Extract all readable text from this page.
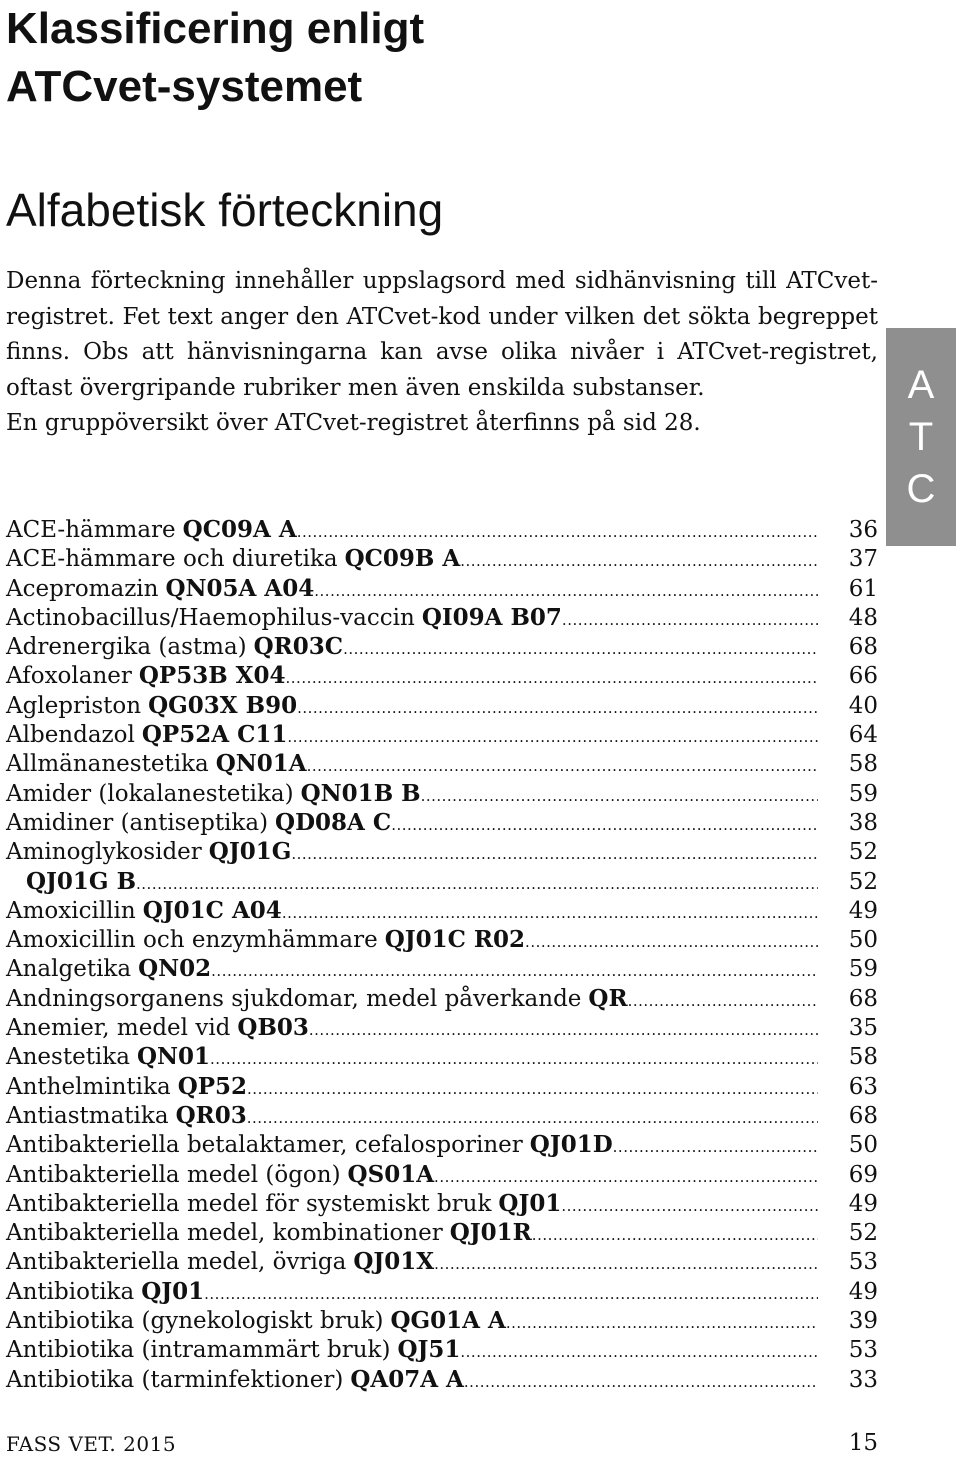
Klassificering enligt
ATCvet-systemet
Alfabetisk förteckning

Denna förteckning innehåller uppslagsord med sidhänvisning till ATCvet-registret. Fet text anger den ATCvet-kod under vilken det sökta begreppet finns. Obs att hänvisningarna kan avse olika nivåer i ATCvet-registret, oftast övergripande rubriker men även enskilda substanser.

En gruppöversikt över ATCvet-registret återfinns på sid 28.

A
T
C
ACE-hämmare QC09A A .....	36
ACE-hämmare och diuretika QC09B A .....	37
Acepromazin QN05A A04 .....	61
Actinobacillus/Haemophilus-vaccin QI09A B07 .....	48
Adrenergika (astma) QR03C .....	68
Afoxolaner QP53B X04 .....	66
Aglepriston QG03X B90 .....	40
Albendazol QP52A C11 .....	64
Allmänanestetika QN01A .....	58
Amider (lokalanestetika) QN01B B .....	59
Amidiner (antiseptika) QD08A C .....	38
Aminoglykosider QJ01G .....	52
QJ01G B .....	52
Amoxicillin QJ01C A04 .....	49
Amoxicillin och enzymhämmare QJ01C R02 .....	50
Analgetika QN02 .....	59
Andningsorganens sjukdomar, medel påverkande QR .....	68
Anemier, medel vid QB03 .....	35
Anestetika QN01 .....	58
Anthelmintika QP52 .....	63
Antiastmatika QR03 .....	68
Antibakteriella betalaktamer, cefalosporiner QJ01D .....	50
Antibakteriella medel (ögon) QS01A .....	69
Antibakteriella medel för systemiskt bruk QJ01 .....	49
Antibakteriella medel, kombinationer QJ01R .....	52
Antibakteriella medel, övriga QJ01X .....	53
Antibiotika QJ01 .....	49
Antibiotika (gynekologiskt bruk) QG01A A .....	39
Antibiotika (intramammärt bruk) QJ51 .....	53
Antibiotika (tarminfektioner) QA07A A .....	33
FASS VET. 2015	15
